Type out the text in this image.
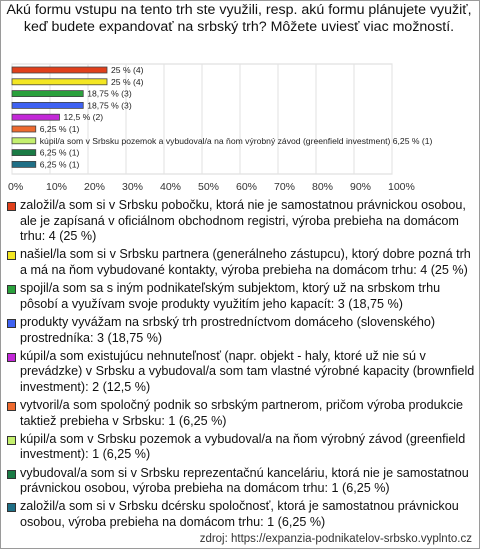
Akú formu vstupu na tento trh ste využili, resp. akú formu plánujete využiť, keď budete expandovať na srbský trh? Môžete uviesť viac možností.
0% 10% 20% 30% 40% 50% 60% 70% 80% 90% 100%
25 % (4)
25 % (4)
18,75 % (3)
18,75 % (3)
12,5 % (2)
6,25 % (1)
kúpil/a som v Srbsku pozemok a vybudoval/a na ňom výrobný závod (greenfield investment) 6,25 % (1)
6,25 % (1)
6,25 % (1)
založil/a som si v Srbsku pobočku, ktorá nie je samostatnou právnickou osobou, ale je zapísaná v oficiálnom obchodnom registri, výroba prebieha na domácom trhu: 4 (25 %)
našiel/la som si v Srbsku partnera (generálneho zástupcu), ktorý dobre pozná trh a má na ňom vybudované kontakty, výroba prebieha na domácom trhu: 4 (25 %)
spojil/a som sa s iným podnikateľským subjektom, ktorý už na srbskom trhu pôsobí a využívam svoje produkty využitím jeho kapacít: 3 (18,75 %)
produkty vyvážam na srbský trh prostredníctvom domáceho (slovenského) prostredníka: 3 (18,75 %)
kúpil/a som existujúcu nehnuteľnosť (napr. objekt - haly, ktoré už nie sú v prevádzke) v Srbsku a vybudoval/a som tam vlastné výrobné kapacity (brownfield investment): 2 (12,5 %)
vytvoril/a som spoločný podnik so srbským partnerom, pričom výroba produkcie taktiež prebieha v Srbsku: 1 (6,25 %)
kúpil/a som v Srbsku pozemok a vybudoval/a na ňom výrobný závod (greenfield investment): 1 (6,25 %)
vybudoval/a som si v Srbsku reprezentačnú kanceláriu, ktorá nie je samostatnou právnickou osobou, výroba prebieha na domácom trhu: 1 (6,25 %)
založil/a som si v Srbsku dcérsku spoločnosť, ktorá je samostatnou právnickou osobou, výroba prebieha na domácom trhu: 1 (6,25 %)
zdroj: https://expanzia-podnikatelov-srbsko.vyplnto.cz
